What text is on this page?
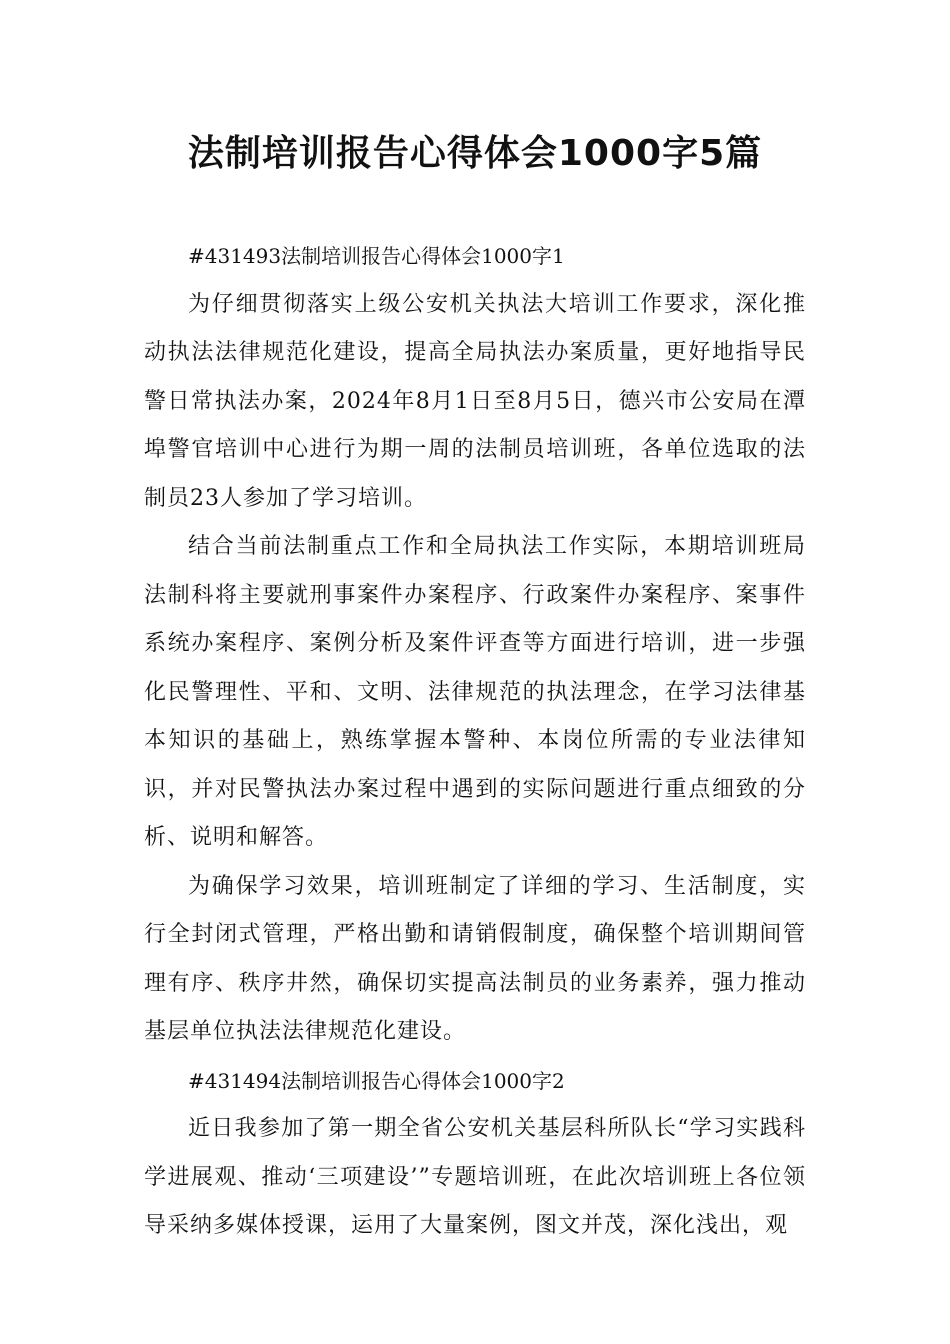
法制培训报告心得体会1000字5篇

#431493法制培训报告心得体会1000字1

为仔细贯彻落实上级公安机关执法大培训工作要求，深化推动执法法律规范化建设，提高全局执法办案质量，更好地指导民警日常执法办案，2024年8月1日至8月5日，德兴市公安局在潭埠警官培训中心进行为期一周的法制员培训班，各单位选取的法制员23人参加了学习培训。

结合当前法制重点工作和全局执法工作实际，本期培训班局法制科将主要就刑事案件办案程序、行政案件办案程序、案事件系统办案程序、案例分析及案件评查等方面进行培训，进一步强化民警理性、平和、文明、法律规范的执法理念，在学习法律基本知识的基础上，熟练掌握本警种、本岗位所需的专业法律知识，并对民警执法办案过程中遇到的实际问题进行重点细致的分析、说明和解答。

为确保学习效果，培训班制定了详细的学习、生活制度，实行全封闭式管理，严格出勤和请销假制度，确保整个培训期间管理有序、秩序井然，确保切实提高法制员的业务素养，强力推动基层单位执法法律规范化建设。

#431494法制培训报告心得体会1000字2

近日我参加了第一期全省公安机关基层科所队长“学习实践科学进展观、推动‘三项建设’”专题培训班，在此次培训班上各位领导采纳多媒体授课，运用了大量案例，图文并茂，深化浅出，观
